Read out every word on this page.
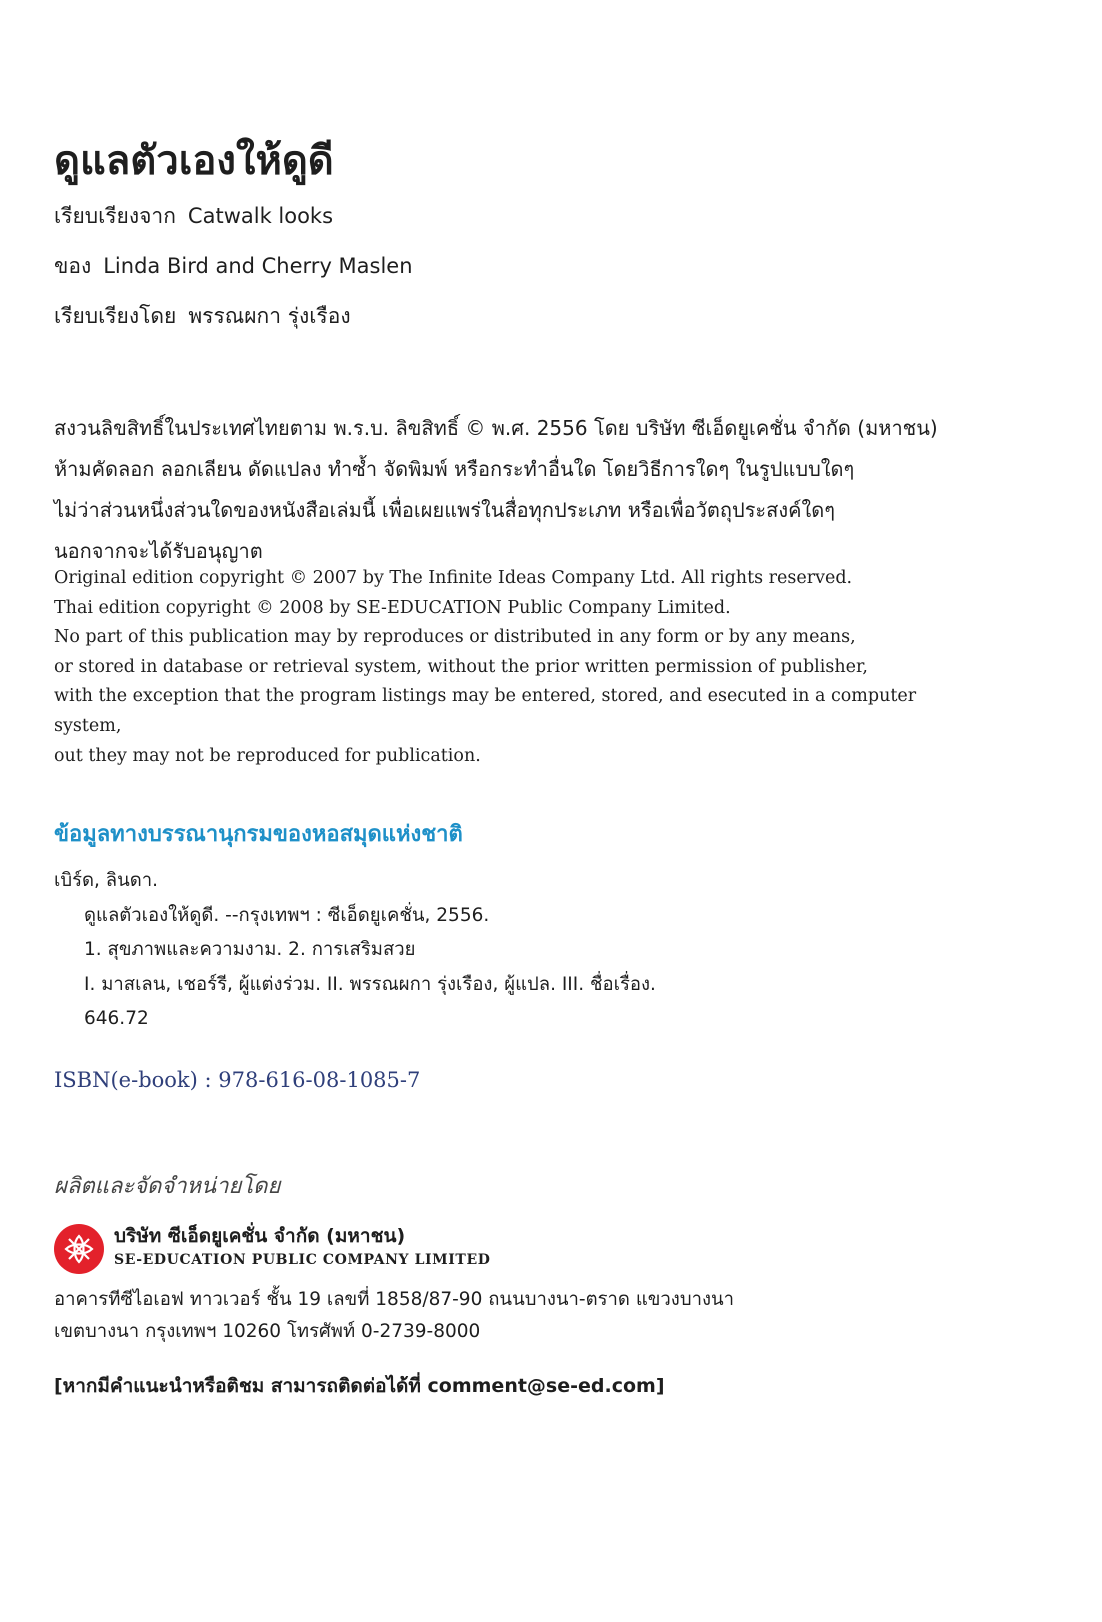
ดูแลตัวเองให้ดูดี
เรียบเรียงจาก Catwalk looks
ของ Linda Bird and Cherry Maslen
เรียบเรียงโดย พรรณผกา รุ่งเรือง
สงวนลิขสิทธิ์ในประเทศไทยตาม พ.ร.บ. ลิขสิทธิ์ © พ.ศ. 2556 โดย บริษัท ซีเอ็ดยูเคชั่น จำกัด (มหาชน)
ห้ามคัดลอก ลอกเลียน ดัดแปลง ทำซ้ำ จัดพิมพ์ หรือกระทำอื่นใด โดยวิธีการใดๆ ในรูปแบบใดๆ
ไม่ว่าส่วนหนึ่งส่วนใดของหนังสือเล่มนี้ เพื่อเผยแพร่ในสื่อทุกประเภท หรือเพื่อวัตถุประสงค์ใดๆ
นอกจากจะได้รับอนุญาต
Original edition copyright © 2007 by The Infinite Ideas Company Ltd. All rights reserved.
Thai edition copyright © 2008 by SE-EDUCATION Public Company Limited.
No part of this publication may by reproduces or distributed in any form or by any means,
or stored in database or retrieval system, without the prior written permission of publisher,
with the exception that the program listings may be entered, stored, and esecuted in a computer
system,
out they may not be reproduced for publication.
ข้อมูลทางบรรณานุกรมของหอสมุดแห่งชาติ
เบิร์ด, ลินดา.
ดูแลตัวเองให้ดูดี. --กรุงเทพฯ : ซีเอ็ดยูเคชั่น, 2556.
1. สุขภาพและความงาม. 2. การเสริมสวย
I. มาสเลน, เชอร์รี, ผู้แต่งร่วม. II. พรรณผกา รุ่งเรือง, ผู้แปล. III. ชื่อเรื่อง.
646.72
ISBN(e-book) : 978-616-08-1085-7
ผลิตและจัดจำหน่ายโดย
บริษัท ซีเอ็ดยูเคชั่น จำกัด (มหาชน)
SE-EDUCATION PUBLIC COMPANY LIMITED
อาคารทีซีไอเอฟ ทาวเวอร์ ชั้น 19 เลขที่ 1858/87-90 ถนนบางนา-ตราด แขวงบางนา
เขตบางนา กรุงเทพฯ 10260 โทรศัพท์ 0-2739-8000
[หากมีคำแนะนำหรือติชม สามารถติดต่อได้ที่ comment@se-ed.com]
